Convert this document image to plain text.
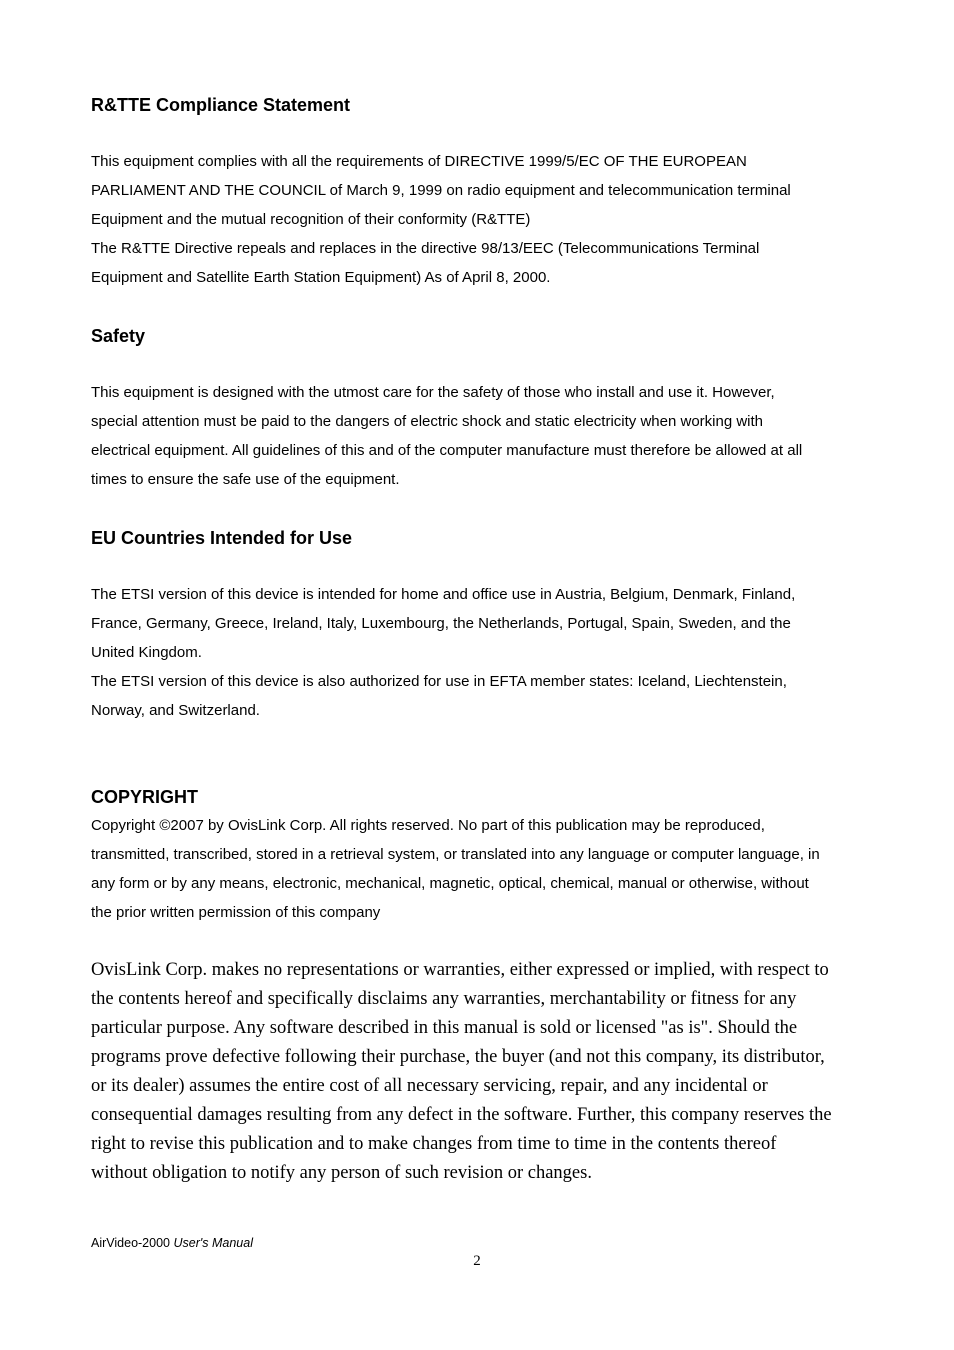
R&TTE Compliance Statement

This equipment complies with all the requirements of DIRECTIVE 1999/5/EC OF THE EUROPEAN
PARLIAMENT AND THE COUNCIL of March 9, 1999 on radio equipment and telecommunication terminal
Equipment and the mutual recognition of their conformity (R&TTE)
The R&TTE Directive repeals and replaces in the directive 98/13/EEC (Telecommunications Terminal
Equipment and Satellite Earth Station Equipment) As of April 8, 2000.

Safety

This equipment is designed with the utmost care for the safety of those who install and use it. However,
special attention must be paid to the dangers of electric shock and static electricity when working with
electrical equipment. All guidelines of this and of the computer manufacture must therefore be allowed at all
times to ensure the safe use of the equipment.

EU Countries Intended for Use

The ETSI version of this device is intended for home and office use in Austria, Belgium, Denmark, Finland,
France, Germany, Greece, Ireland, Italy, Luxembourg, the Netherlands, Portugal, Spain, Sweden, and the
United Kingdom.
The ETSI version of this device is also authorized for use in EFTA member states: Iceland, Liechtenstein,
Norway, and Switzerland.

COPYRIGHT

Copyright ©2007 by OvisLink Corp. All rights reserved. No part of this publication may be reproduced,
transmitted, transcribed, stored in a retrieval system, or translated into any language or computer language, in
any form or by any means, electronic, mechanical, magnetic, optical, chemical, manual or otherwise, without
the prior written permission of this company

OvisLink Corp. makes no representations or warranties, either expressed or implied, with respect to
the contents hereof and specifically disclaims any warranties, merchantability or fitness for any
particular purpose. Any software described in this manual is sold or licensed "as is". Should the
programs prove defective following their purchase, the buyer (and not this company, its distributor,
or its dealer) assumes the entire cost of all necessary servicing, repair, and any incidental or
consequential damages resulting from any defect in the software. Further, this company reserves the
right to revise this publication and to make changes from time to time in the contents thereof
without obligation to notify any person of such revision or changes.

AirVideo-2000 User's Manual
2
